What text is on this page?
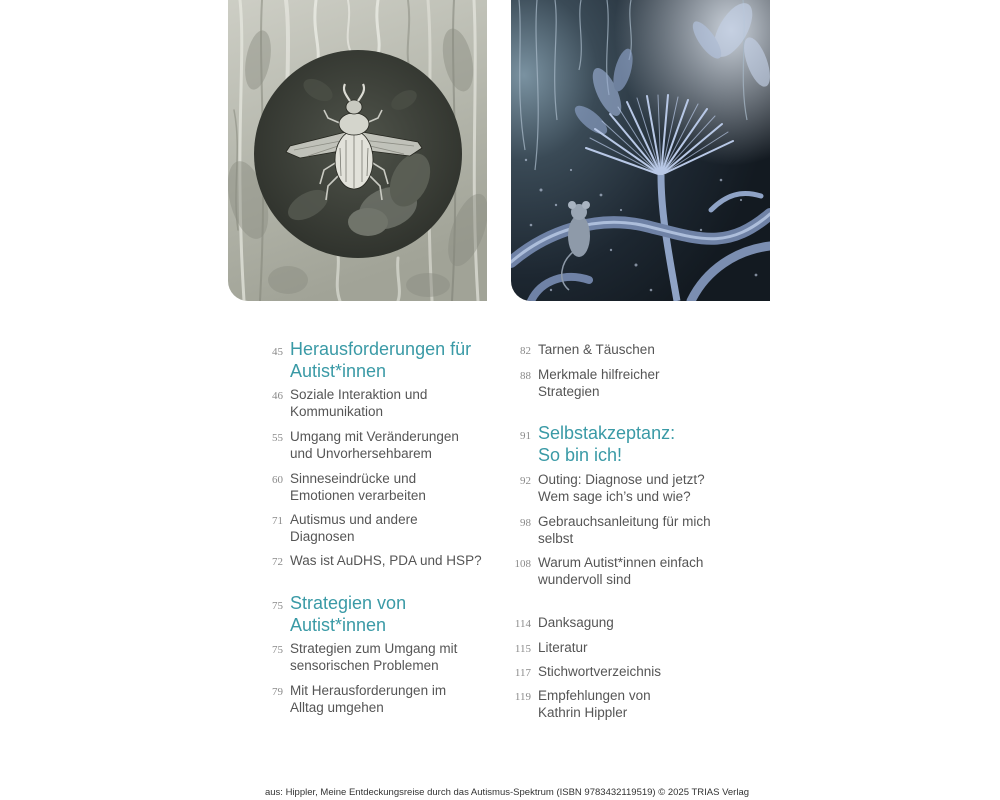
45 Herausforderungen für
Autist*innen
46 Soziale Interaktion und
Kommunikation
55 Umgang mit Veränderungen
und Unvorhersehbarem
60 Sinneseindrücke und
Emotionen verarbeiten
71 Autismus und andere
Diagnosen
72 Was ist AuDHS, PDA und HSP?
75 Strategien von
Autist*innen
75 Strategien zum Umgang mit
sensorischen Problemen
79 Mit Herausforderungen im
Alltag umgehen
82 Tarnen & Täuschen
88 Merkmale hilfreicher
Strategien
91 Selbstakzeptanz:
So bin ich!
92 Outing: Diagnose und jetzt?
Wem sage ich’s und wie?
98 Gebrauchsanleitung für mich
selbst
108 Warum Autist*innen einfach
wundervoll sind
114 Danksagung
115 Literatur
117 Stichwortverzeichnis
119 Empfehlungen von
Kathrin Hippler
aus: Hippler, Meine Entdeckungsreise durch das Autismus-Spektrum (ISBN 9783432119519) © 2025 TRIAS Verlag
